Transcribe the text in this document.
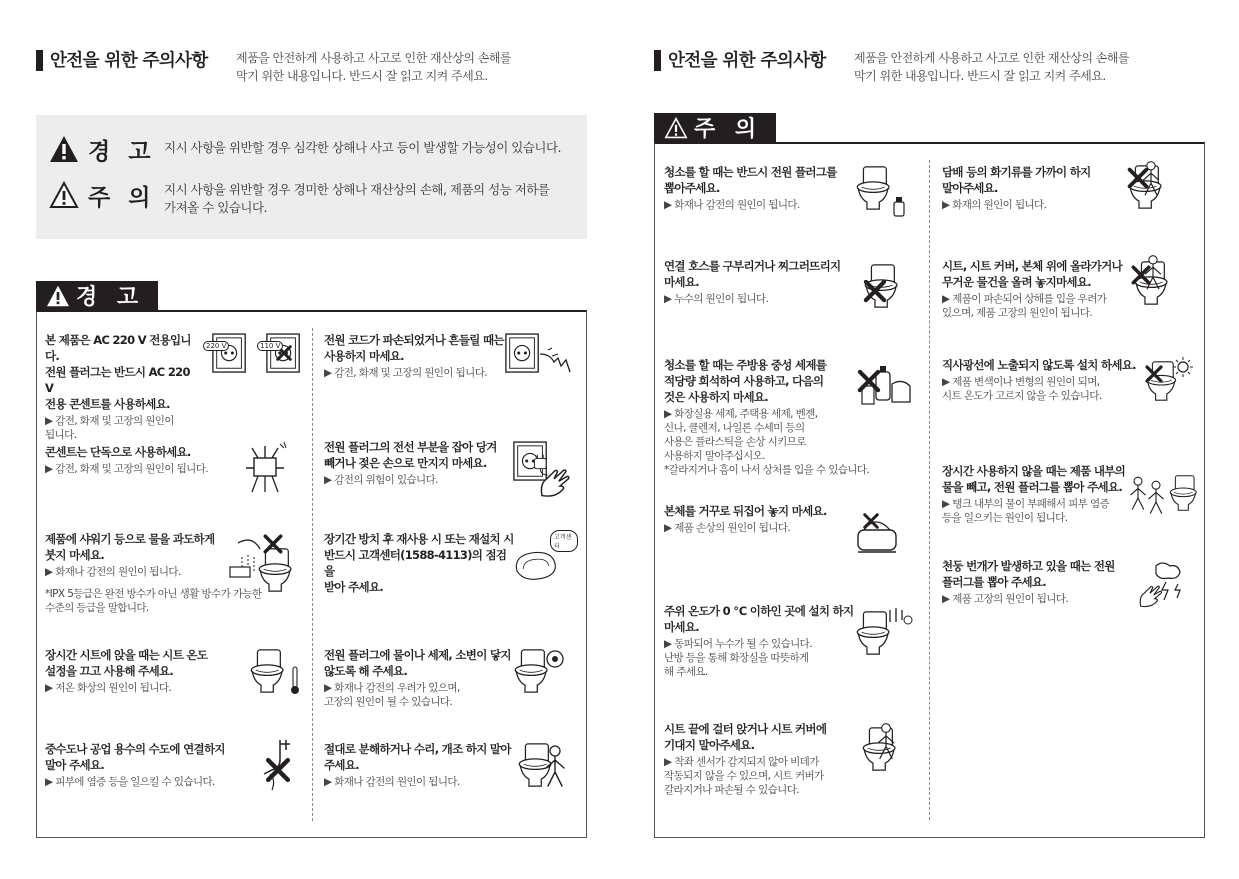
안전을 위한 주의사항 제품을 안전하게 사용하고 사고로 인한 재산상의 손해를
막기 위한 내용입니다. 반드시 잘 읽고 지켜 주세요.
경 고 지시 사항을 위반할 경우 심각한 상해나 사고 등이 발생할 가능성이 있습니다.
주 의 지시 사항을 위반할 경우 경미한 상해나 재산상의 손해, 제품의 성능 저하를
가져올 수 있습니다.
경 고
본 제품은 AC 220 V 전용입니다.
전원 플러그는 반드시 AC 220 V
전용 콘센트를 사용하세요.
▶ 감전, 화재 및 고장의 원인이
됩니다.
콘센트는 단독으로 사용하세요.
▶ 감전, 화재 및 고장의 원인이 됩니다.
제품에 샤워기 등으로 물을 과도하게
붓지 마세요.
▶ 화재나 감전의 원인이 됩니다.
*IPX 5등급은 완전 방수가 아닌 생활 방수가 가능한
수준의 등급을 말합니다.
장시간 시트에 앉을 때는 시트 온도
설정을 끄고 사용해 주세요.
▶ 저온 화상의 원인이 됩니다.
중수도나 공업 용수의 수도에 연결하지
말아 주세요.
▶ 피부에 염증 등을 일으킬 수 있습니다.
전원 코드가 파손되었거나 흔들릴 때는
사용하지 마세요.
▶ 감전, 화재 및 고장의 원인이 됩니다.
전원 플러그의 전선 부분을 잡아 당겨
빼거나 젖은 손으로 만지지 마세요.
▶ 감전의 위험이 있습니다.
장기간 방치 후 재사용 시 또는 재설치 시
반드시 고객센터(1588-4113)의 점검을
받아 주세요.
전원 플러그에 물이나 세제, 소변이 닿지
않도록 해 주세요.
▶ 화재나 감전의 우려가 있으며,
고장의 원인이 될 수 있습니다.
절대로 분해하거나 수리, 개조 하지 말아
주세요.
▶ 화재나 감전의 원인이 됩니다.
220 V	110 V
고객센터
안전을 위한 주의사항 제품을 안전하게 사용하고 사고로 인한 재산상의 손해를
막기 위한 내용입니다. 반드시 잘 읽고 지켜 주세요.
주 의
청소를 할 때는 반드시 전원 플러그를
뽑아주세요.
▶ 화재나 감전의 원인이 됩니다.
연결 호스를 구부리거나 찌그러뜨리지
마세요.
▶ 누수의 원인이 됩니다.
청소를 할 때는 주방용 중성 세제를
적당량 희석하여 사용하고, 다음의
것은 사용하지 마세요.
▶ 화장실용 세제, 주택용 세제, 벤젠,
신나, 클렌저, 나일론 수세미 등의
사용은 플라스틱을 손상 시키므로
사용하지 말아주십시오.
*갈라지거나 흠이 나서 상처를 입을 수 있습니다.
본체를 거꾸로 뒤집어 놓지 마세요.
▶ 제품 손상의 원인이 됩니다.
주위 온도가 0 ℃ 이하인 곳에 설치 하지
마세요.
▶ 동파되어 누수가 될 수 있습니다.
난방 등을 통해 화장실을 따뜻하게
해 주세요.
시트 끝에 걸터 앉거나 시트 커버에
기대지 말아주세요.
▶ 착좌 센서가 감지되지 않아 비데가
작동되지 않을 수 있으며, 시트 커버가
갈라지거나 파손될 수 있습니다.
담배 등의 화기류를 가까이 하지
말아주세요.
▶ 화재의 원인이 됩니다.
시트, 시트 커버, 본체 위에 올라가거나
무거운 물건을 올려 놓지마세요.
▶ 제품이 파손되어 상해를 입을 우려가
있으며, 제품 고장의 원인이 됩니다.
직사광선에 노출되지 않도록 설치 하세요.
▶ 제품 변색이나 변형의 원인이 되며,
시트 온도가 고르지 않을 수 있습니다.
장시간 사용하지 않을 때는 제품 내부의
물을 빼고, 전원 플러그를 뽑아 주세요.
▶ 탱크 내부의 물이 부패해서 피부 염증
등을 일으키는 원인이 됩니다.
천둥 번개가 발생하고 있을 때는 전원
플러그를 뽑아 주세요.
▶ 제품 고장의 원인이 됩니다.
